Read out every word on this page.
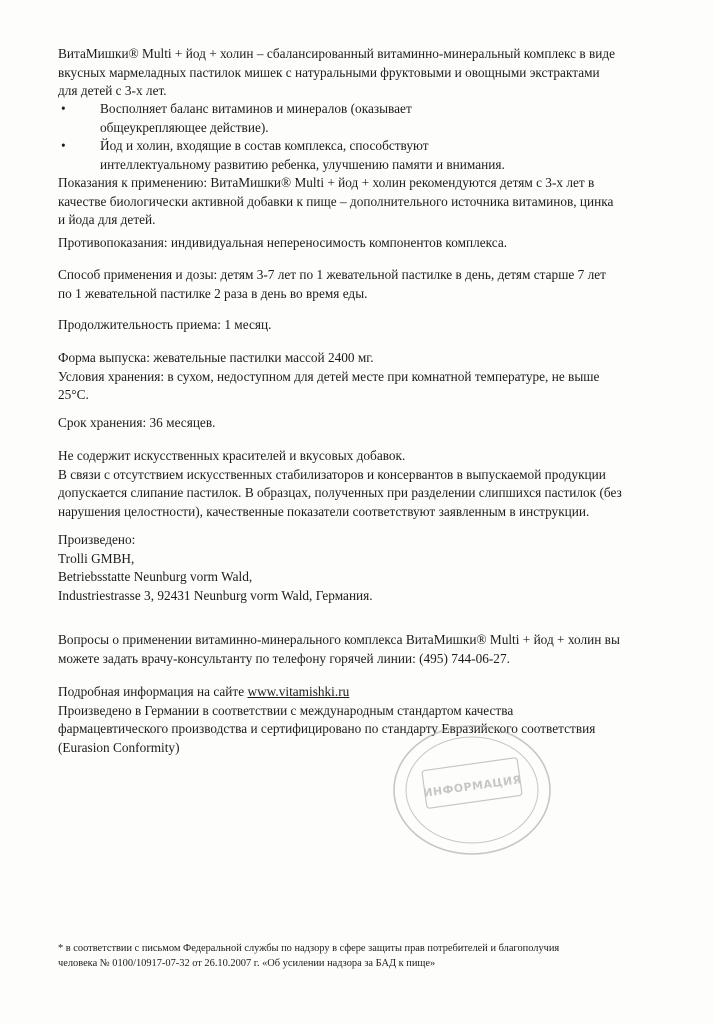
ВитаМишки® Multi + йод + холин – сбалансированный витаминно-минеральный комплекс в виде
вкусных мармеладных пастилок мишек с натуральными фруктовыми и овощными экстрактами
для детей с 3-х лет.
•	Восполняет баланс витаминов и минералов (оказывает
общеукрепляющее действие).
•	Йод и холин, входящие в состав комплекса, способствуют
интеллектуальному развитию ребенка, улучшению памяти и внимания.
Показания к применению: ВитаМишки® Multi + йод + холин рекомендуются детям с 3-х лет в
качестве биологически активной добавки к пище – дополнительного источника витаминов, цинка
и йода для детей.
Противопоказания: индивидуальная непереносимость компонентов комплекса.
Способ применения и дозы: детям 3-7 лет по 1 жевательной пастилке в день, детям старше 7 лет
по 1 жевательной пастилке 2 раза в день во время еды.
Продолжительность приема: 1 месяц.
Форма выпуска: жевательные пастилки массой 2400 мг.
Условия хранения: в сухом, недоступном для детей месте при комнатной температуре, не выше
25°С.
Срок хранения: 36 месяцев.
Не содержит искусственных красителей и вкусовых добавок.
В связи с отсутствием искусственных стабилизаторов и консервантов в выпускаемой продукции
допускается слипание пастилок. В образцах, полученных при разделении слипшихся пастилок (без
нарушения целостности), качественные показатели соответствуют заявленным в инструкции.
Произведено:
Trolli GMBH,
Betriebsstatte Neunburg vorm Wald,
Industriestrasse 3, 92431 Neunburg vorm Wald, Германия.
Вопросы о применении витаминно-минерального комплекса ВитаМишки® Multi + йод + холин вы
можете задать врачу-консультанту по телефону горячей линии: (495) 744-06-27.
Подробная информация на сайте www.vitamishki.ru
Произведено в Германии в соответствии с международным стандартом качества
фармацевтического производства и сертифицировано по стандарту Евразийского соответствия
(Eurasion Conformity)
ИНФОРМАЦИЯ
* в соответствии с письмом Федеральной службы по надзору в сфере защиты прав потребителей и благополучия
человека № 0100/10917-07-32 от 26.10.2007 г. «Об усилении надзора за БАД к пище»
